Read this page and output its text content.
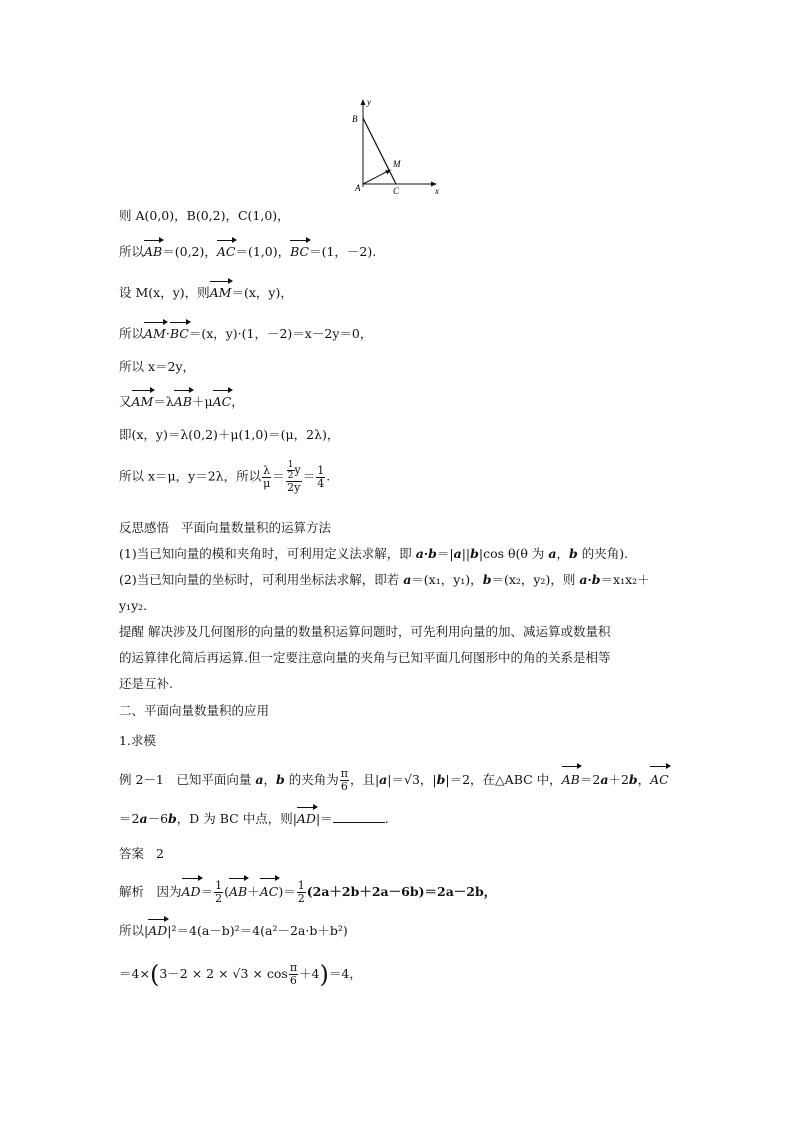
y
B
M
A	C	x
则 A(0,0)，B(0,2)，C(1,0)，
所以AB＝(0,2)，AC＝(1,0)，BC＝(1，－2).
设 M(x，y)，则AM＝(x，y)，
所以AM·BC＝(x，y)·(1，－2)＝x－2y＝0，
所以 x＝2y，
又AM＝λAB＋μAC，
即(x，y)＝λ(0,2)＋μ(1,0)＝(μ，2λ)，
所以 x＝μ，y＝2λ，所以 $\frac{\lambda}{\mu} = \frac{\frac{1}{2} y}{2y} = \frac{1}{4}$ .
反思感悟 平面向量数量积的运算方法
(1)当已知向量的模和夹角时，可利用定义法求解，即 a·b＝|a||b|cos θ(θ 为 a，b 的夹角).
(2)当已知向量的坐标时，可利用坐标法求解，即若 a＝(x₁，y₁)，b＝(x₂，y₂)，则 a·b＝x₁x₂＋
y₁y₂.
提醒 解决涉及几何图形的向量的数量积运算问题时，可先利用向量的加、减运算或数量积
的运算律化简后再运算.但一定要注意向量的夹角与已知平面几何图形中的角的关系是相等
还是互补.
二、平面向量数量积的应用
1.求模
例 2－1　已知平面向量 a，b 的夹角为 $\frac{\pi}{6}$ ，且|a|＝√3，|b|＝2，在△ABC 中，AB＝2a＋2b，AC
＝2a－6b，D 为 BC 中点，则|AD|＝	.
答案 2
解析　因为$AD= \frac{1}{2} (AB+AC)= \frac{1}{2} (2a+2b+2a-6b)=2a-2b$，
所以|AD|²＝4(a－b)²＝4(a²－2a·b＋b²)
$=4\times(3-2 \times 2 \times √3 \times \cos \frac{\pi}{6} +4)=4$，
